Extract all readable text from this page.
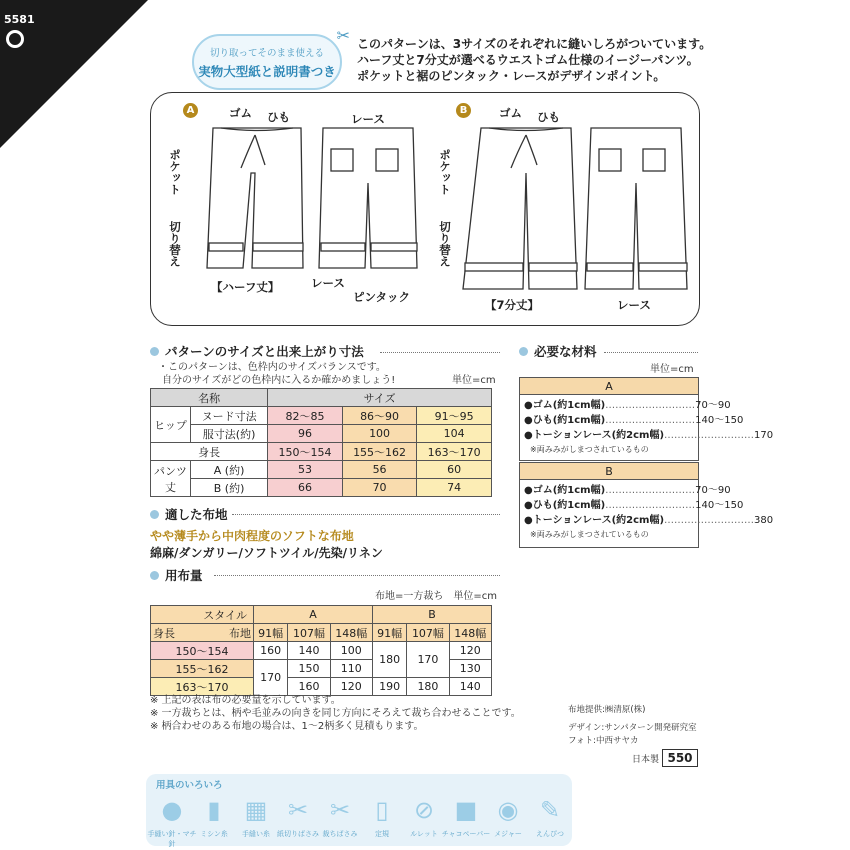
5581
切り取ってそのまま使える
実物大型紙と説明書つき
✂ このパターンは、3サイズのそれぞれに縫いしろがついています。
ハーフ丈と7分丈が選べるウエストゴム仕様のイージーパンツ。
ポケットと裾のピンタック・レースがデザインポイント。
A	B
ゴム ひも	レース
ポケット
切り替え
レース
ピンタック
【ハーフ丈】
ゴム ひも
ポケット
切り替え
レース
【7分丈】
パターンのサイズと出来上がり寸法
・このパターンは、色枠内のサイズバランスです。
自分のサイズがどの色枠内に入るか確かめましょう!	単位=cm
名称		サイズ		
ヒップ	ヌード寸法	82〜85	86〜90	91〜95
	服寸法(約)	96	100	104
身長		150〜154	155〜162	163〜170
パンツ丈	A (約)	53	56	60
	B (約)	66	70	74
適した布地
やや薄手から中肉程度のソフトな布地
綿麻/ダンガリー/ソフトツイル/先染/リネン
用布量
布地=一方裁ち　単位=cm
スタイル		A			B		
身長	布地	91幅	107幅	148幅	91幅	107幅	148幅
150〜154		160	140	100	180	170	120
155〜162		170	150	110			130
163〜170			160	120	190	180	140
※ 上記の表は布の必要量を示しています。
※ 一方裁ちとは、柄や毛並みの向きを同じ方向にそろえて裁ち合わせることです。
※ 柄合わせのある布地の場合は、1〜2柄多く見積もります。
必要な材料
単位=cm
A
●ゴム(約1cm幅) ……………………… 70〜90
●ひも(約1cm幅) ……………………… 140〜150
●トーションレース(約2cm幅) ……………………… 170
※両みみがしまつされているもの
B
●ゴム(約1cm幅) ……………………… 70〜90
●ひも(約1cm幅) ……………………… 140〜150
●トーションレース(約2cm幅) ……………………… 380
※両みみがしまつされているもの
布地提供:㈱清原(株)
デザイン:サンパターン開発研究室
フォト:中西サヤカ
日本製 550
用具のいろいろ
●	▮	▦ ✂ ✂	▯	⊘ ■ ◉ ✎
手縫い針・マチ針
ミシン糸	手縫い糸	紙切りばさみ 裁ちばさみ	定規	ルレット チャコペーパー メジャー	えんぴつ
